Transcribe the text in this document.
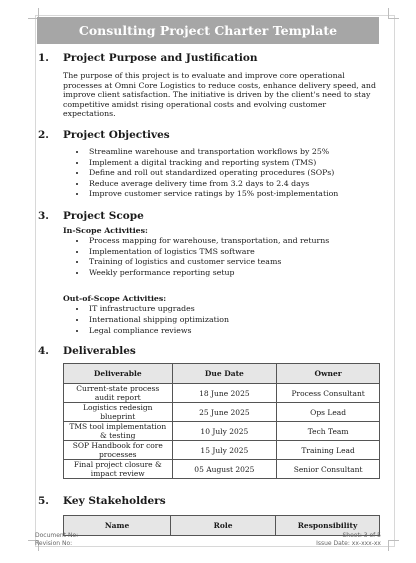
Consulting Project Charter Template
1.	Project Purpose and Justification

The purpose of this project is to evaluate and improve core operational processes at Omni Core Logistics to reduce costs, enhance delivery speed, and improve client satisfaction. The initiative is driven by the client's need to stay competitive amidst rising operational costs and evolving customer expectations.

2.	Project Objectives
• Streamline warehouse and transportation workflows by 25%
• Implement a digital tracking and reporting system (TMS)
• Define and roll out standardized operating procedures (SOPs)
• Reduce average delivery time from 3.2 days to 2.4 days
• Improve customer service ratings by 15% post-implementation
3.	Project Scope
In-Scope Activities:
• Process mapping for warehouse, transportation, and returns
• Implementation of logistics TMS software
• Training of logistics and customer service teams
• Weekly performance reporting setup
Out-of-Scope Activities:
• IT infrastructure upgrades
• International shipping optimization
• Legal compliance reviews
4.	Deliverables
Deliverable	Due Date	Owner
Current-state process audit report	18 June 2025	Process Consultant
Logistics redesign blueprint	25 June 2025	Ops Lead
TMS tool implementation & testing	10 July 2025	Tech Team
SOP Handbook for core processes	15 July 2025	Training Lead
Final project closure & impact review	05 August 2025	Senior Consultant
5.	Key Stakeholders
Name	Role	Responsibility
Document No:
Revision No:
Sheet: 3 of 5
Issue Date: xx-xxx-xx
